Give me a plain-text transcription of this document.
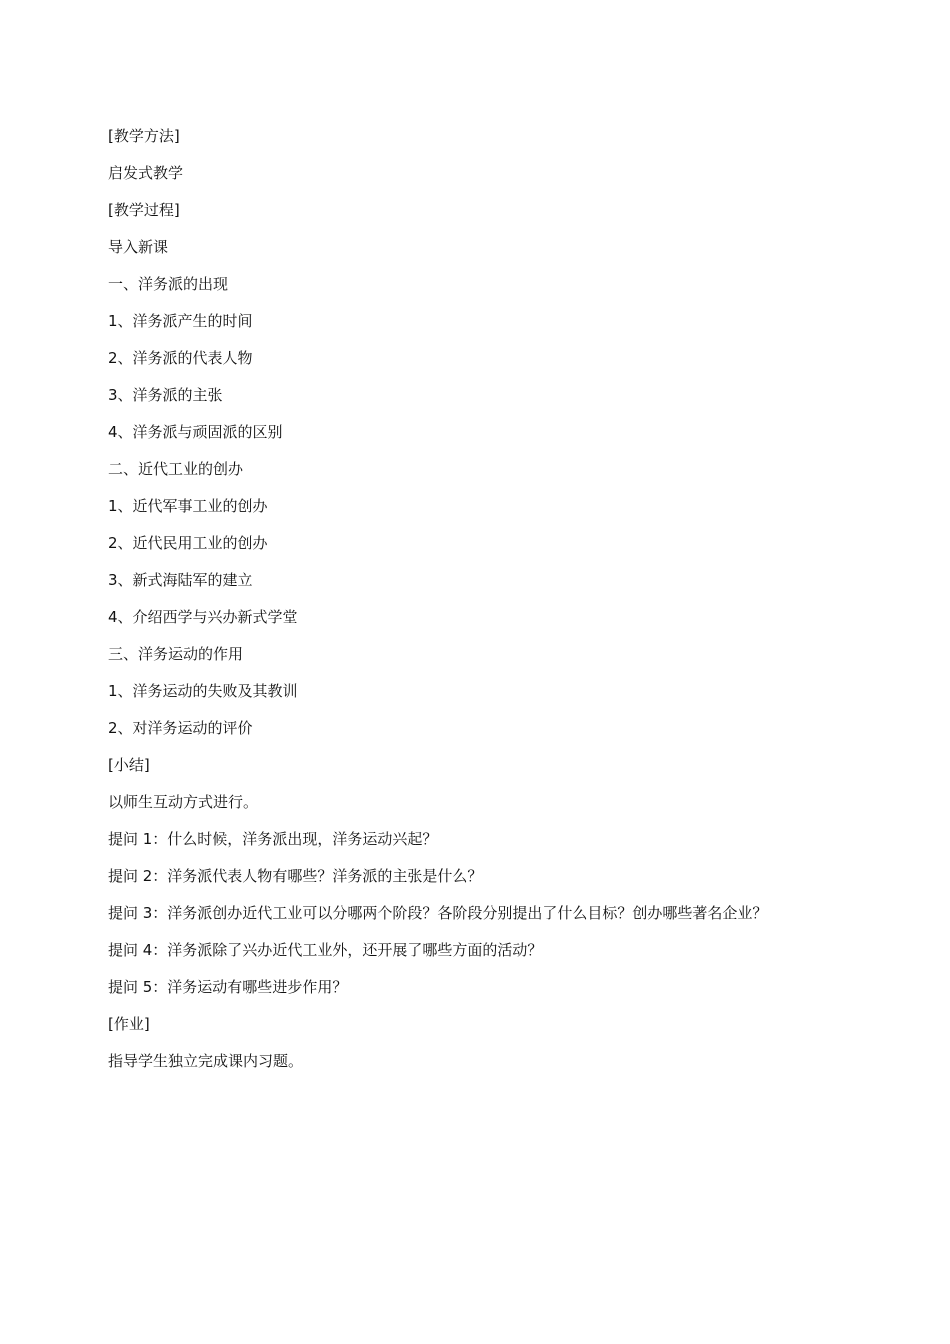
[教学方法]
启发式教学
[教学过程]
导入新课
一、洋务派的出现
1、洋务派产生的时间
2、洋务派的代表人物
3、洋务派的主张
4、洋务派与顽固派的区别
二、近代工业的创办
1、近代军事工业的创办
2、近代民用工业的创办
3、新式海陆军的建立
4、介绍西学与兴办新式学堂
三、洋务运动的作用
1、洋务运动的失败及其教训
2、对洋务运动的评价
[小结]
以师生互动方式进行。
提问 1：什么时候，洋务派出现，洋务运动兴起？
提问 2：洋务派代表人物有哪些？洋务派的主张是什么？
提问 3：洋务派创办近代工业可以分哪两个阶段？各阶段分别提出了什么目标？创办哪些著名企业？
提问 4：洋务派除了兴办近代工业外，还开展了哪些方面的活动？
提问 5：洋务运动有哪些进步作用？
[作业]
指导学生独立完成课内习题。
